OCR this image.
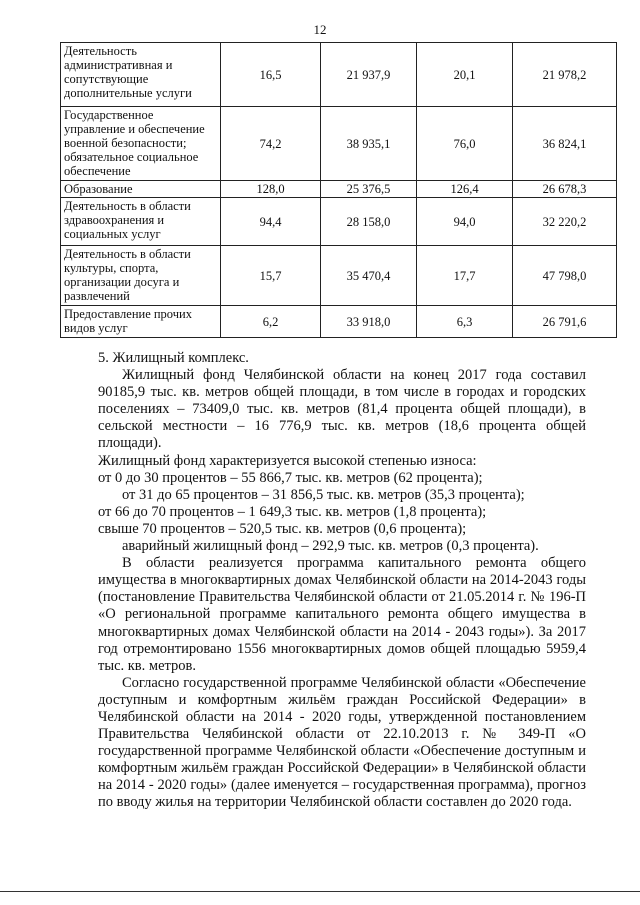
12
Деятельность административная и сопутствующие дополнительные услуги	16,5	21 937,9	20,1	21 978,2
Государственное управление и обеспечение военной безопасности; обязательное социальное обеспечение	74,2	38 935,1	76,0	36 824,1
Образование	128,0	25 376,5	126,4	26 678,3
Деятельность в области здравоохранения и социальных услуг	94,4	28 158,0	94,0	32 220,2
Деятельность в области культуры, спорта, организации досуга и развлечений	15,7	35 470,4	17,7	47 798,0
Предоставление прочих видов услуг	6,2	33 918,0	6,3	26 791,6

5. Жилищный комплекс.

Жилищный фонд Челябинской области на конец 2017 года составил 90185,9 тыс. кв. метров общей площади, в том числе в городах и городских поселениях – 73409,0 тыс. кв. метров (81,4 процента общей площади), в сельской местности – 16 776,9 тыс. кв. метров (18,6 процента общей площади).

Жилищный фонд характеризуется высокой степенью износа:

от 0 до 30 процентов – 55 866,7 тыс. кв. метров (62 процента);

от 31 до 65 процентов – 31 856,5 тыс. кв. метров (35,3 процента);

от 66 до 70 процентов – 1 649,3 тыс. кв. метров (1,8 процента);

свыше 70 процентов – 520,5 тыс. кв. метров (0,6 процента);

аварийный жилищный фонд – 292,9 тыс. кв. метров (0,3 процента).

В области реализуется программа капитального ремонта общего имущества в многоквартирных домах Челябинской области на 2014-2043 годы (постановление Правительства Челябинской области от 21.05.2014 г. № 196-П «О региональной программе капитального ремонта общего имущества в многоквартирных домах Челябинской области на 2014 - 2043 годы»). За 2017 год отремонтировано 1556 многоквартирных домов общей площадью 5959,4 тыс. кв. метров.

Согласно государственной программе Челябинской области «Обеспечение доступным и комфортным жильём граждан Российской Федерации» в Челябинской области на 2014 - 2020 годы, утвержденной постановлением Правительства Челябинской области от 22.10.2013 г. № 349-П «О государственной программе Челябинской области «Обеспечение доступным и комфортным жильём граждан Российской Федерации» в Челябинской области на 2014 - 2020 годы» (далее именуется – государственная программа), прогноз по вводу жилья на территории Челябинской области составлен до 2020 года.
